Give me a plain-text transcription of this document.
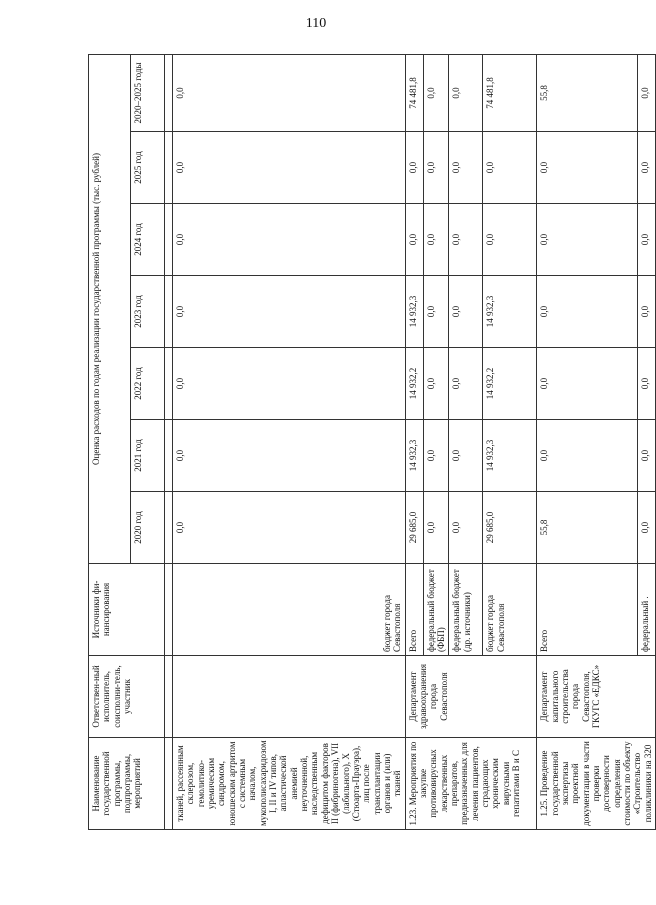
110
Наименование государственной программы, подпрограммы, мероприятий	Ответствен-ный исполнитель, соисполни-тель, участник	Источники фи-нансирования	Оценка расходов по годам реализации государственной программы (тыс. рублей)						
			2020 год	2021 год	2022 год	2023 год	2024 год	2025 год	2020–2025 годы

тканей, рассеянным склерозом, гемолитико-уремическим синдромом, юношеским артритом с системным началом, мукополисахаридозом I, II и IV типов, апластической анемией неуточненной, наследственным дефицитом факторов II (фибриногена), VII (лабильного), X (Стюарта-Прауэра), лиц после трансплантации органов и (или) тканей		бюджет города Севастополя	0,0	0,0	0,0	0,0	0,0	0,0	0,0
1.23. Мероприятия по закупке противовирусных лекарственных препаратов, предназначенных для лечения пациентов, страдающих хроническим вирусными гепатитами В и С	Департамент здравоохранения города Севастополя	Всего	29 685,0	14 932,3	14 932,2	14 932,3	0,0	0,0	74 481,8
		федеральный бюджет (ФБП)	0,0	0,0	0,0	0,0	0,0	0,0	0,0
		федеральный бюджет (др. источники)	0,0	0,0	0,0	0,0	0,0	0,0	0,0
		бюджет города Севастополя	29 685,0	14 932,3	14 932,2	14 932,3	0,0	0,0	74 481,8
1.25. Проведение государственной экспертизы проектной документации в части проверки достоверности определения стоимости по объекту «Строительство поликлиники на 320	Департамент капитального строительства города Севастополя, ГКУГС «ЕДКС»	Всего	55,8	0,0	0,0	0,0	0,0	0,0	55,8
		федеральный .	0,0	0,0	0,0	0,0	0,0	0,0	0,0
